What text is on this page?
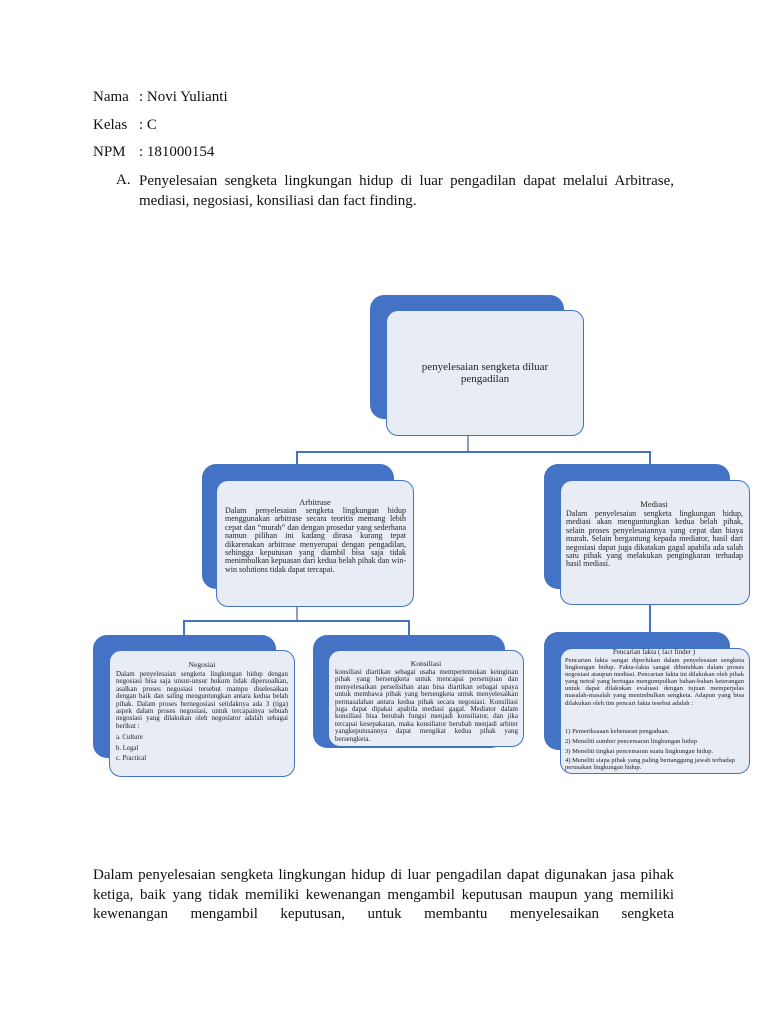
Nama : Novi Yulianti
Kelas : C
NPM : 181000154
A. Penyelesaian sengketa lingkungan hidup di luar pengadilan dapat melalui Arbitrase, mediasi, negosiasi, konsiliasi dan fact finding.
penyelesaian sengketa diluar pengadilan
Arbitrase
Dalam penyelesaian sengketa lingkungan hidup menggunakan arbitrase secara teoritis memang lebih cepat dan “murah” dan dengan prosedur yang sederhana namun pilihan ini kadang dirasa kurang tepat dikarenakan arbitrase menyerupai dengan pengadilan, sehingga keputusan yang diambil bisa saja tidak menimbulkan kepuasan dari kedua belah pihak dan win-win solutions tidak dapat tercapai.
Mediasi
Dalam penyelesaian sengketa lingkungan hidup, mediasi akan menguntungkan kedua belah pihak, selain proses penyelesaiannya yang cepat dan biaya murah. Selain bergantung kepada mediator, hasil dari negosiasi dapat juga dikatakan gagal apabila ada salah satu pihak yang melakukan pengingkaran terhadap hasil mediasi.
Negosiai
Dalam penyelesaian sengketa lingkungan hidup dengan negosiasi bisa saja unsur-unsur hukum tidak dipersoalkan, asalkan proses negosiasi tersebut mampu diselesaikan dengan baik dan saling menguntungkan antara kedua belah pihak. Dalam proses bernegosiasi setidaknya ada 3 (tiga) aspek dalam proses negosiasi, untuk tercapainya sebuah negosiasi yang dilakukan oleh negosiator adalah sebagai berikut :
a. Culture
b. Legal
c. Practical
Konsiliasi
konsiliasi diartikan sebagai usaha mempertemukan keinginan pihak yang bersengketa untuk mencapai persetujuan dan menyelesaikan perselisihan atau bisa diartikan sebagai upaya untuk membawa pihak yang bersengketa untuk menyelesaikan permasalahan antara kedua pihak secara negosiasi. Konsiliasi juga dapat dipakai apabila mediasi gagal. Mediator dalam konsiliasi bisa berubah fungsi menjadi konsiliator, dan jika tercapai kesepakatan, maka konsiliator berubah menjadi arbiter yangkeputusannya dapat mengikat kedua pihak yang bersengketa.
Pencarian fakta ( fact finder )
Pencarian fakta sangat diperlukan dalam penyelesaian sengketa lingkungan hidup. Fakta-fakta sangat dibutuhkan dalam proses negosiasi ataupun mediasi. Pencarian fakta ini dilakukan oleh pihak yang netral yang bertugas mengumpulkan bahan-bahan keterangan untuk dapat dilakukan evaluasi dengan tujuan memperjelas masalah-masalah yang menimbulkan sengketa. Adapun yang bisa dilakukan oleh tim pencari fakta tesebut adalah :
1) Pemeriksaaan kebenaran pengaduan.
2) Meneliti sumber pencemaran lingkungan hidup
3) Meneliti tingkat pencemaran suatu lingkungan hidup.
4) Meneliti siapa pihak yang paling bertanggung jawab terhadap perusakan lingkungan hidup.
Dalam penyelesaian sengketa lingkungan hidup di luar pengadilan dapat digunakan jasa pihak ketiga, baik yang tidak memiliki kewenangan mengambil keputusan maupun yang memiliki kewenangan mengambil keputusan, untuk membantu menyelesaikan sengketa
